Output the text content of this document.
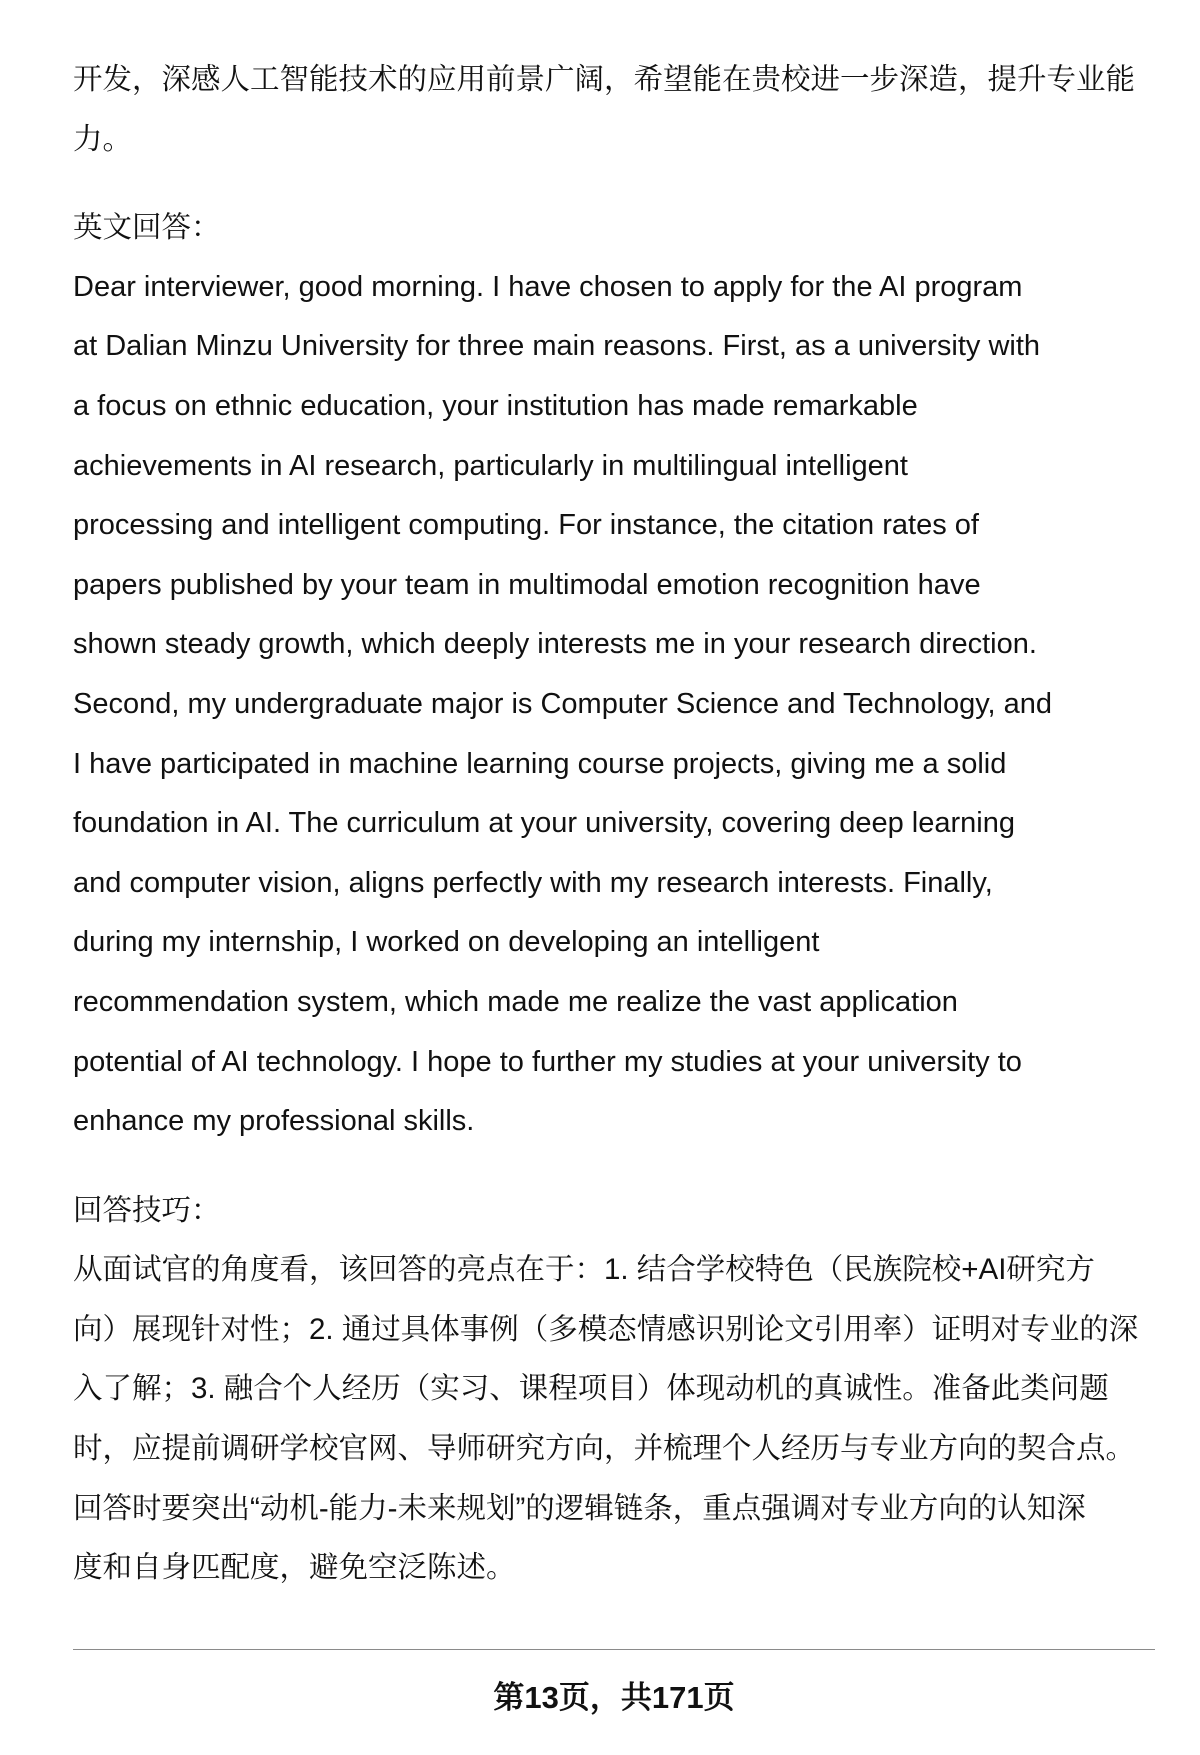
开发，深感人工智能技术的应用前景广阔，希望能在贵校进一步深造，提升专业能
力。
英文回答：
Dear interviewer, good morning. I have chosen to apply for the AI program
at Dalian Minzu University for three main reasons. First, as a university with
a focus on ethnic education, your institution has made remarkable
achievements in AI research, particularly in multilingual intelligent
processing and intelligent computing. For instance, the citation rates of
papers published by your team in multimodal emotion recognition have
shown steady growth, which deeply interests me in your research direction.
Second, my undergraduate major is Computer Science and Technology, and
I have participated in machine learning course projects, giving me a solid
foundation in AI. The curriculum at your university, covering deep learning
and computer vision, aligns perfectly with my research interests. Finally,
during my internship, I worked on developing an intelligent
recommendation system, which made me realize the vast application
potential of AI technology. I hope to further my studies at your university to
enhance my professional skills.
回答技巧：
从面试官的角度看，该回答的亮点在于：1. 结合学校特色（民族院校+AI研究方
向）展现针对性；2. 通过具体事例（多模态情感识别论文引用率）证明对专业的深
入了解；3. 融合个人经历（实习、课程项目）体现动机的真诚性。准备此类问题
时，应提前调研学校官网、导师研究方向，并梳理个人经历与专业方向的契合点。
回答时要突出“动机-能力-未来规划”的逻辑链条，重点强调对专业方向的认知深
度和自身匹配度，避免空泛陈述。
第13页，共171页
